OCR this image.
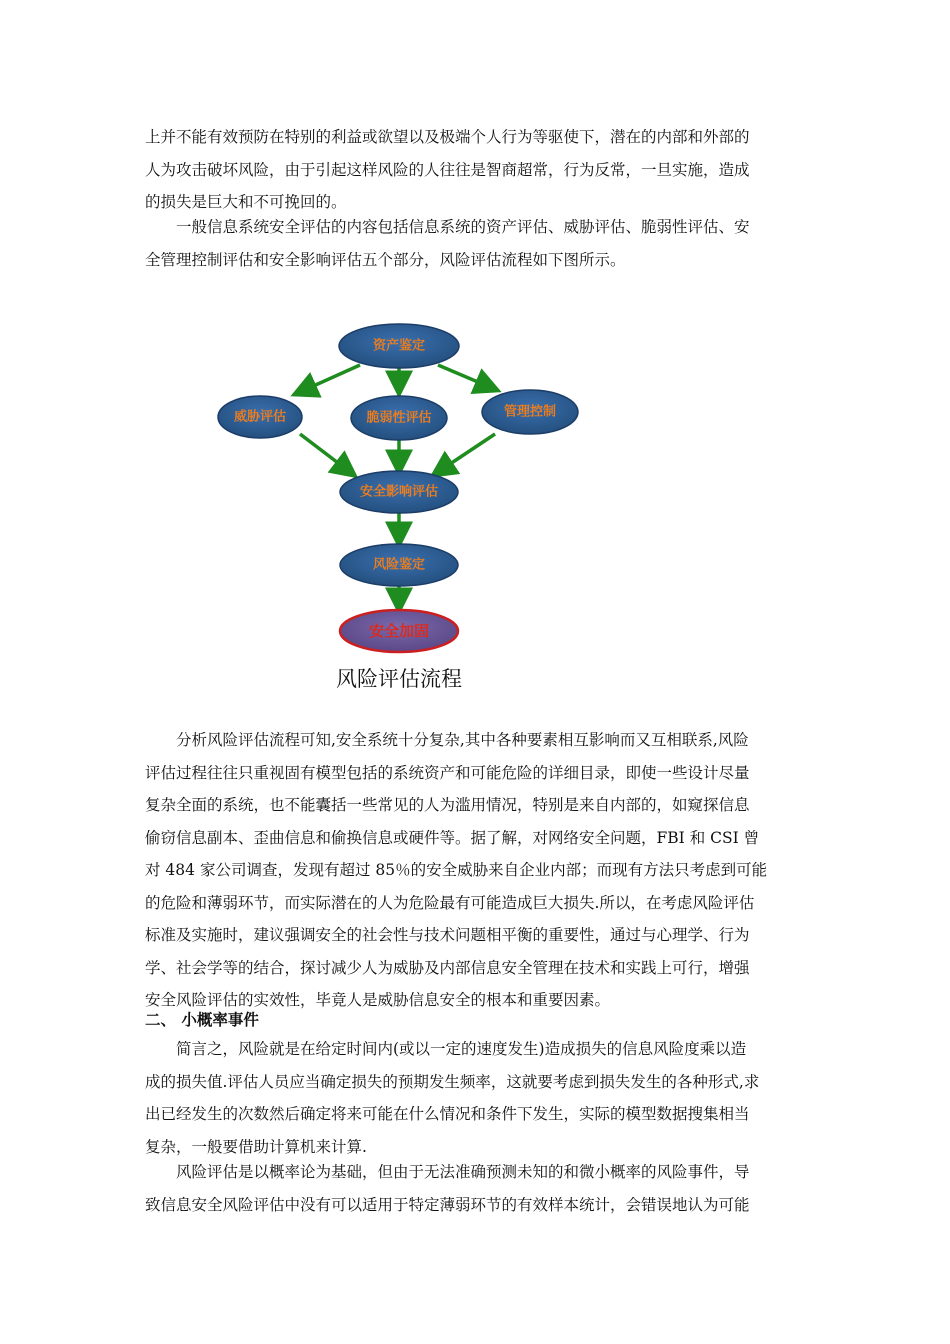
上并不能有效预防在特别的利益或欲望以及极端个人行为等驱使下，潜在的内部和外部的
人为攻击破坏风险，由于引起这样风险的人往往是智商超常，行为反常，一旦实施，造成
的损失是巨大和不可挽回的。

一般信息系统安全评估的内容包括信息系统的资产评估、威胁评估、脆弱性评估、安
全管理控制评估和安全影响评估五个部分，风险评估流程如下图所示。

资产鉴定
威胁评估	脆弱性评估	管理控制
安全影响评估
风险鉴定
安全加固

风险评估流程

分析风险评估流程可知,安全系统十分复杂,其中各种要素相互影响而又互相联系,风险
评估过程往往只重视固有模型包括的系统资产和可能危险的详细目录，即使一些设计尽量
复杂全面的系统，也不能囊括一些常见的人为滥用情况，特别是来自内部的，如窥探信息
偷窃信息副本、歪曲信息和偷换信息或硬件等。据了解，对网络安全问题，FBI 和 CSI 曾
对 484 家公司调查，发现有超过 85％的安全威胁来自企业内部；而现有方法只考虑到可能
的危险和薄弱环节，而实际潜在的人为危险最有可能造成巨大损失.所以，在考虑风险评估
标准及实施时，建议强调安全的社会性与技术问题相平衡的重要性，通过与心理学、行为
学、社会学等的结合，探讨减少人为威胁及内部信息安全管理在技术和实践上可行，增强
安全风险评估的实效性，毕竟人是威胁信息安全的根本和重要因素。

二、 小概率事件

简言之，风险就是在给定时间内(或以一定的速度发生)造成损失的信息风险度乘以造
成的损失值.评估人员应当确定损失的预期发生频率，这就要考虑到损失发生的各种形式,求
出已经发生的次数然后确定将来可能在什么情况和条件下发生，实际的模型数据搜集相当
复杂，一般要借助计算机来计算.

风险评估是以概率论为基础，但由于无法准确预测未知的和微小概率的风险事件，导
致信息安全风险评估中没有可以适用于特定薄弱环节的有效样本统计，会错误地认为可能
